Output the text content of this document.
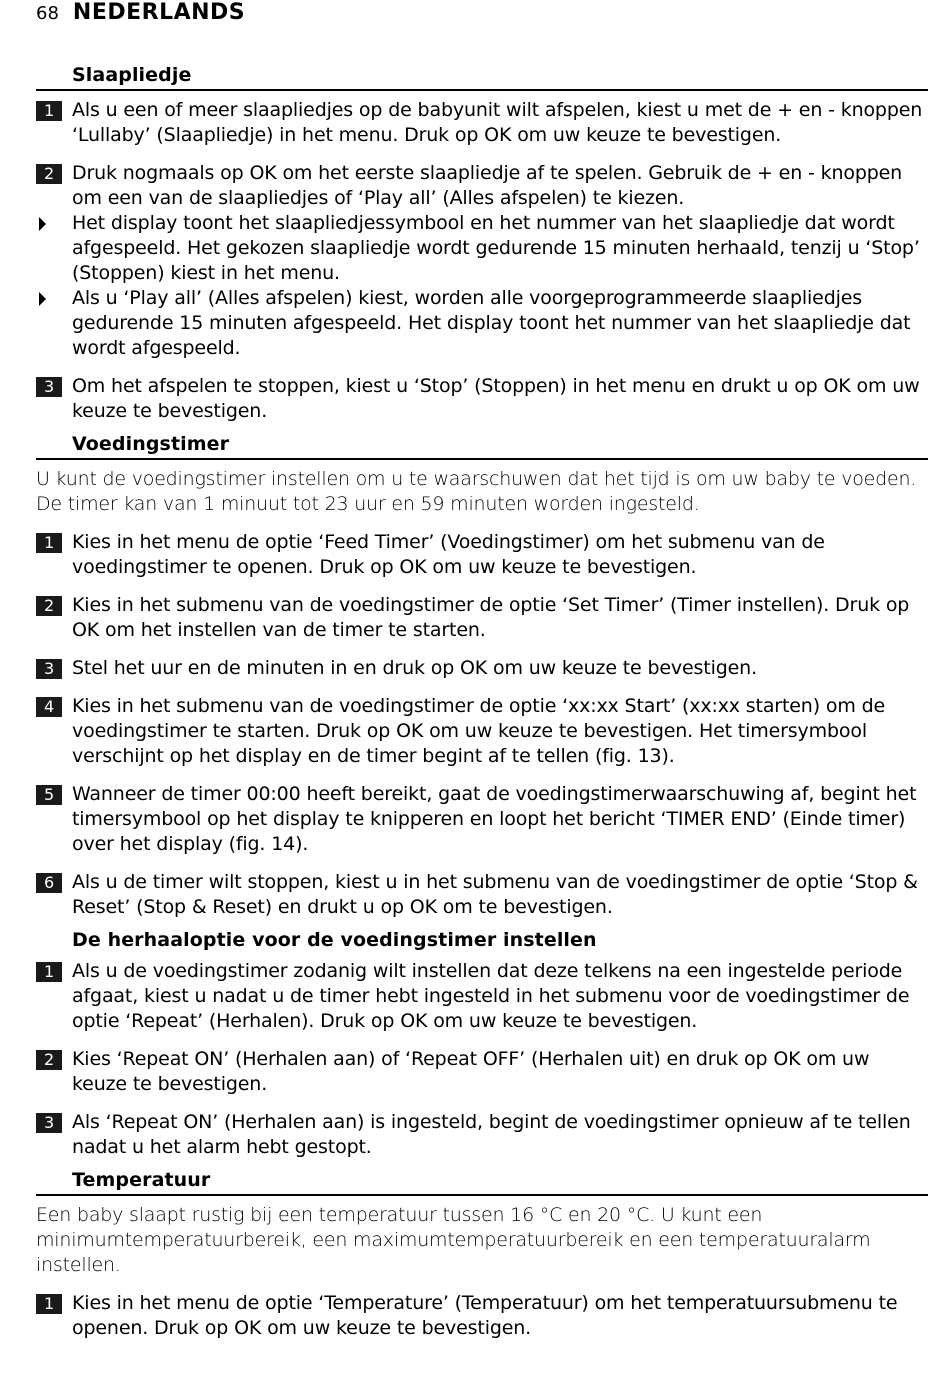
68 NEDERLANDS
Slaapliedje
1 Als u een of meer slaapliedjes op de babyunit wilt afspelen, kiest u met de + en - knoppen ‘Lullaby’ (Slaapliedje) in het menu. Druk op OK om uw keuze te bevestigen.
2 Druk nogmaals op OK om het eerste slaapliedje af te spelen. Gebruik de + en - knoppen om een van de slaapliedjes of ‘Play all’ (Alles afspelen) te kiezen.
Het display toont het slaapliedjessymbool en het nummer van het slaapliedje dat wordt afgespeeld. Het gekozen slaapliedje wordt gedurende 15 minuten herhaald, tenzij u ‘Stop’ (Stoppen) kiest in het menu.
Als u ‘Play all’ (Alles afspelen) kiest, worden alle voorgeprogrammeerde slaapliedjes gedurende 15 minuten afgespeeld. Het display toont het nummer van het slaapliedje dat wordt afgespeeld.
3 Om het afspelen te stoppen, kiest u ‘Stop’ (Stoppen) in het menu en drukt u op OK om uw keuze te bevestigen.
Voedingstimer
U kunt de voedingstimer instellen om u te waarschuwen dat het tijd is om uw baby te voeden. De timer kan van 1 minuut tot 23 uur en 59 minuten worden ingesteld.
1 Kies in het menu de optie ‘Feed Timer’ (Voedingstimer) om het submenu van de voedingstimer te openen. Druk op OK om uw keuze te bevestigen.
2 Kies in het submenu van de voedingstimer de optie ‘Set Timer’ (Timer instellen). Druk op OK om het instellen van de timer te starten.
3 Stel het uur en de minuten in en druk op OK om uw keuze te bevestigen.
4 Kies in het submenu van de voedingstimer de optie ‘xx:xx Start’ (xx:xx starten) om de voedingstimer te starten. Druk op OK om uw keuze te bevestigen. Het timersymbool verschijnt op het display en de timer begint af te tellen (fig. 13).
5 Wanneer de timer 00:00 heeft bereikt, gaat de voedingstimerwaarschuwing af, begint het timersymbool op het display te knipperen en loopt het bericht ‘TIMER END’ (Einde timer) over het display (fig. 14).
6 Als u de timer wilt stoppen, kiest u in het submenu van de voedingstimer de optie ‘Stop & Reset’ (Stop & Reset) en drukt u op OK om te bevestigen.
De herhaaloptie voor de voedingstimer instellen
1 Als u de voedingstimer zodanig wilt instellen dat deze telkens na een ingestelde periode afgaat, kiest u nadat u de timer hebt ingesteld in het submenu voor de voedingstimer de optie ‘Repeat’ (Herhalen). Druk op OK om uw keuze te bevestigen.
2 Kies ‘Repeat ON’ (Herhalen aan) of ‘Repeat OFF’ (Herhalen uit) en druk op OK om uw keuze te bevestigen.
3 Als ‘Repeat ON’ (Herhalen aan) is ingesteld, begint de voedingstimer opnieuw af te tellen nadat u het alarm hebt gestopt.
Temperatuur
Een baby slaapt rustig bij een temperatuur tussen 16 °C en 20 °C. U kunt een minimumtemperatuurbereik, een maximumtemperatuurbereik en een temperatuuralarm instellen.
1 Kies in het menu de optie ‘Temperature’ (Temperatuur) om het temperatuursubmenu te openen. Druk op OK om uw keuze te bevestigen.
